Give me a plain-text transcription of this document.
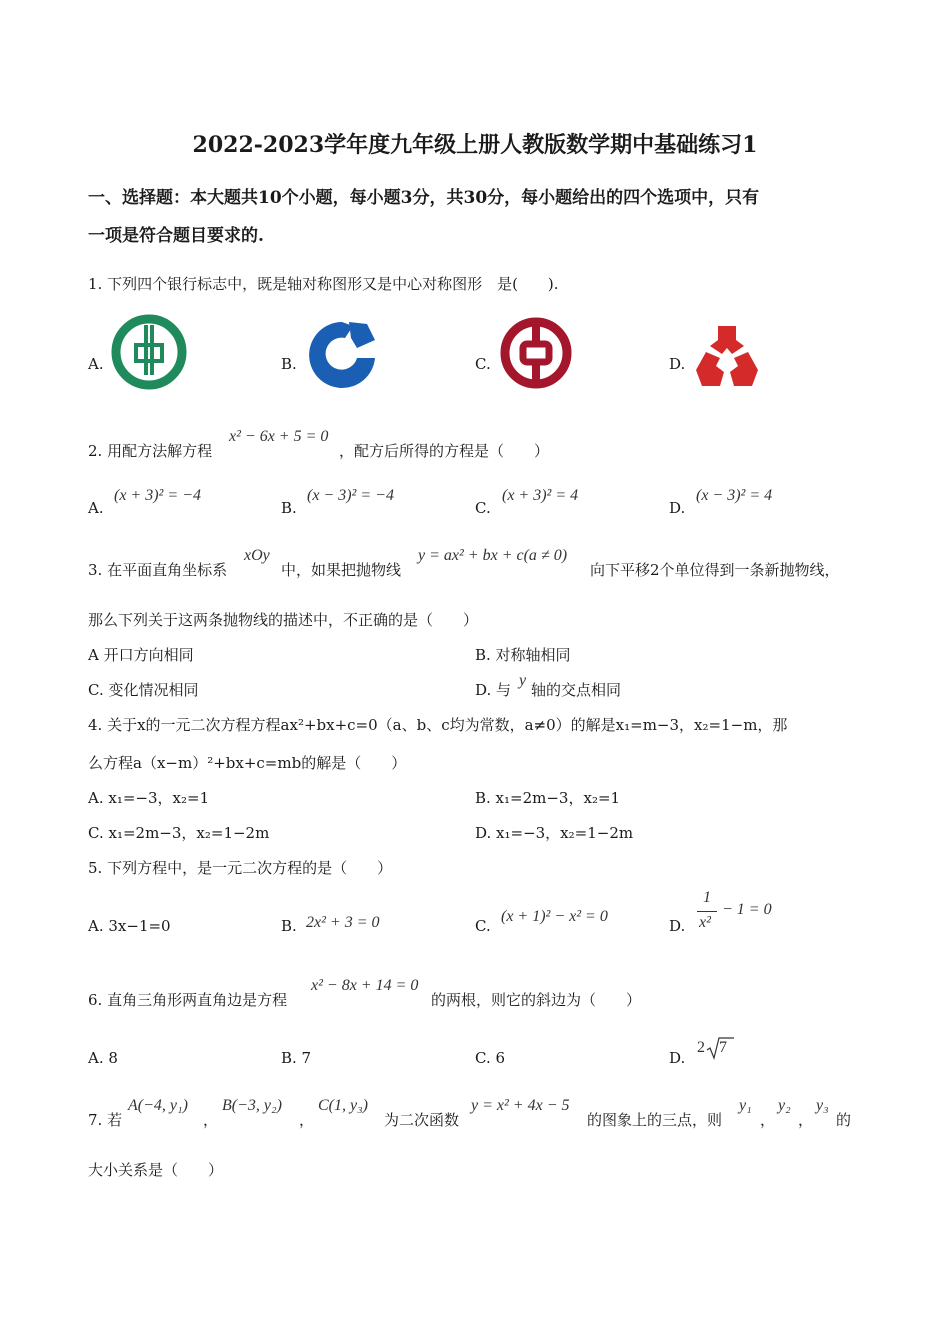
2022-2023学年度九年级上册人教版数学期中基础练习1
一、选择题：本大题共10个小题，每小题3分，共30分，每小题给出的四个选项中，只有
一项是符合题目要求的.
1. 下列四个银行标志中，既是轴对称图形又是中心对称图形　是(　　).
A.	B.	C.	D.
2. 用配方法解方程
x² − 6x + 5 = 0
，配方后所得的方程是（　　）
A.
(x + 3)² = −4
B.
(x − 3)² = −4
C.
(x + 3)² = 4
D.
(x − 3)² = 4
3. 在平面直角坐标系
xOy
中，如果把抛物线
y = ax² + bx + c(a ≠ 0)
向下平移2个单位得到一条新抛物线，
那么下列关于这两条抛物线的描述中，不正确的是（　　）
A 开口方向相同	B. 对称轴相同
C. 变化情况相同	D. 与
y
轴的交点相同
4. 关于x的一元二次方程方程ax²+bx+c=0（a、b、c均为常数，a≠0）的解是x₁=m−3，x₂=1−m，那
么方程a（x−m）²+bx+c=mb的解是（　　）
A. x₁=−3，x₂=1	B. x₁=2m−3，x₂=1
C. x₁=2m−3，x₂=1−2m	D. x₁=−3，x₂=1−2m
5. 下列方程中，是一元二次方程的是（　　）
A. 3x−1=0	B. 2x² + 3 = 0	C.
(x + 1)² − x² = 0
D.
1
x²
− 1 = 0
6. 直角三角形两直角边是方程
x² − 8x + 14 = 0
的两根，则它的斜边为（　　）
A. 8	B. 7	C. 6	D.
2 7
7. 若
A(−4, y₁)
，
B(−3, y₂)
，
C(1, y₃)
为二次函数
y = x² + 4x − 5
的图象上的三点，则
y₁
，
y₂
，
y₃
的
大小关系是（　　）
